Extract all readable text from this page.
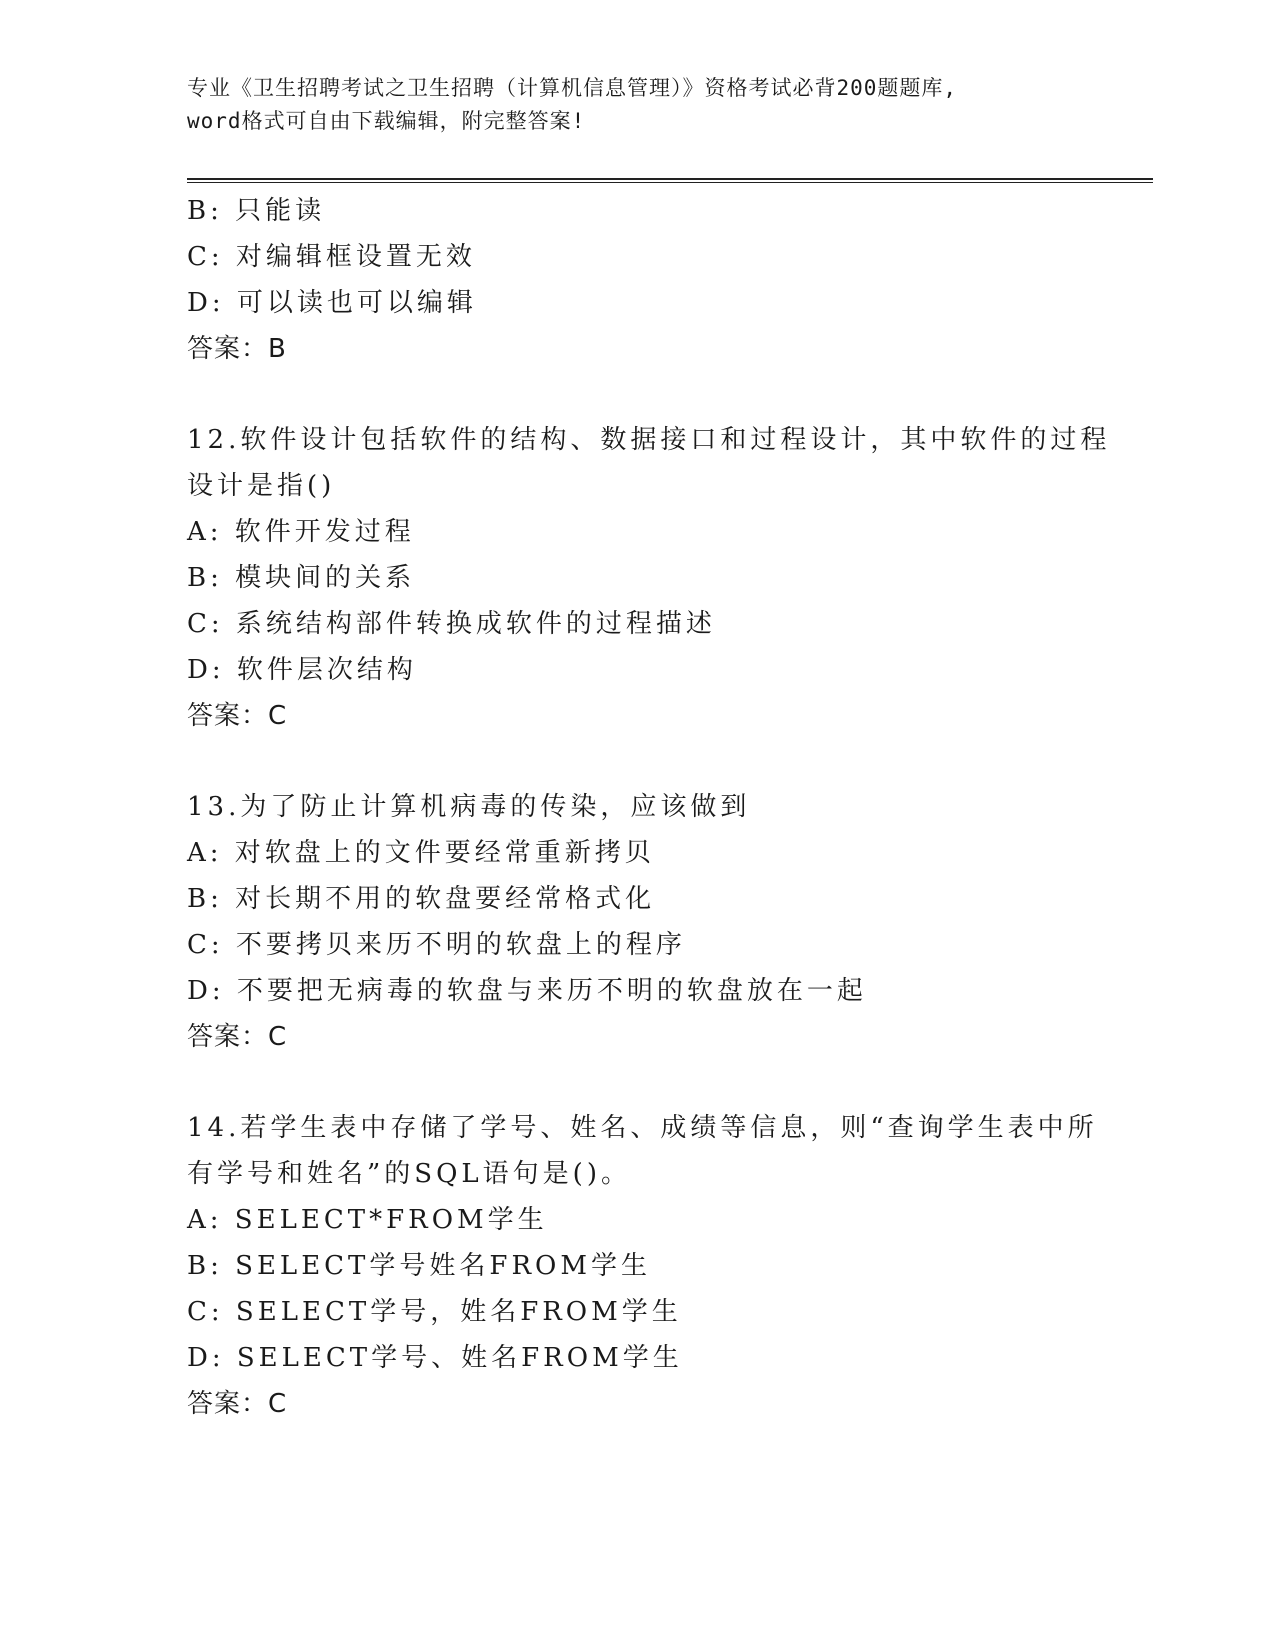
专业《卫生招聘考试之卫生招聘（计算机信息管理）》资格考试必背200题题库,
word格式可自由下载编辑，附完整答案!
B: 只能读
C: 对编辑框设置无效
D: 可以读也可以编辑
答案：B
12.软件设计包括软件的结构、数据接口和过程设计，其中软件的过程
设计是指()
A: 软件开发过程
B: 模块间的关系
C: 系统结构部件转换成软件的过程描述
D: 软件层次结构
答案：C
13.为了防止计算机病毒的传染，应该做到
A: 对软盘上的文件要经常重新拷贝
B: 对长期不用的软盘要经常格式化
C: 不要拷贝来历不明的软盘上的程序
D: 不要把无病毒的软盘与来历不明的软盘放在一起
答案：C
14.若学生表中存储了学号、姓名、成绩等信息，则“查询学生表中所
有学号和姓名”的SQL语句是()。
A: SELECT*FROM学生
B: SELECT学号姓名FROM学生
C: SELECT学号，姓名FROM学生
D: SELECT学号、姓名FROM学生
答案：C
